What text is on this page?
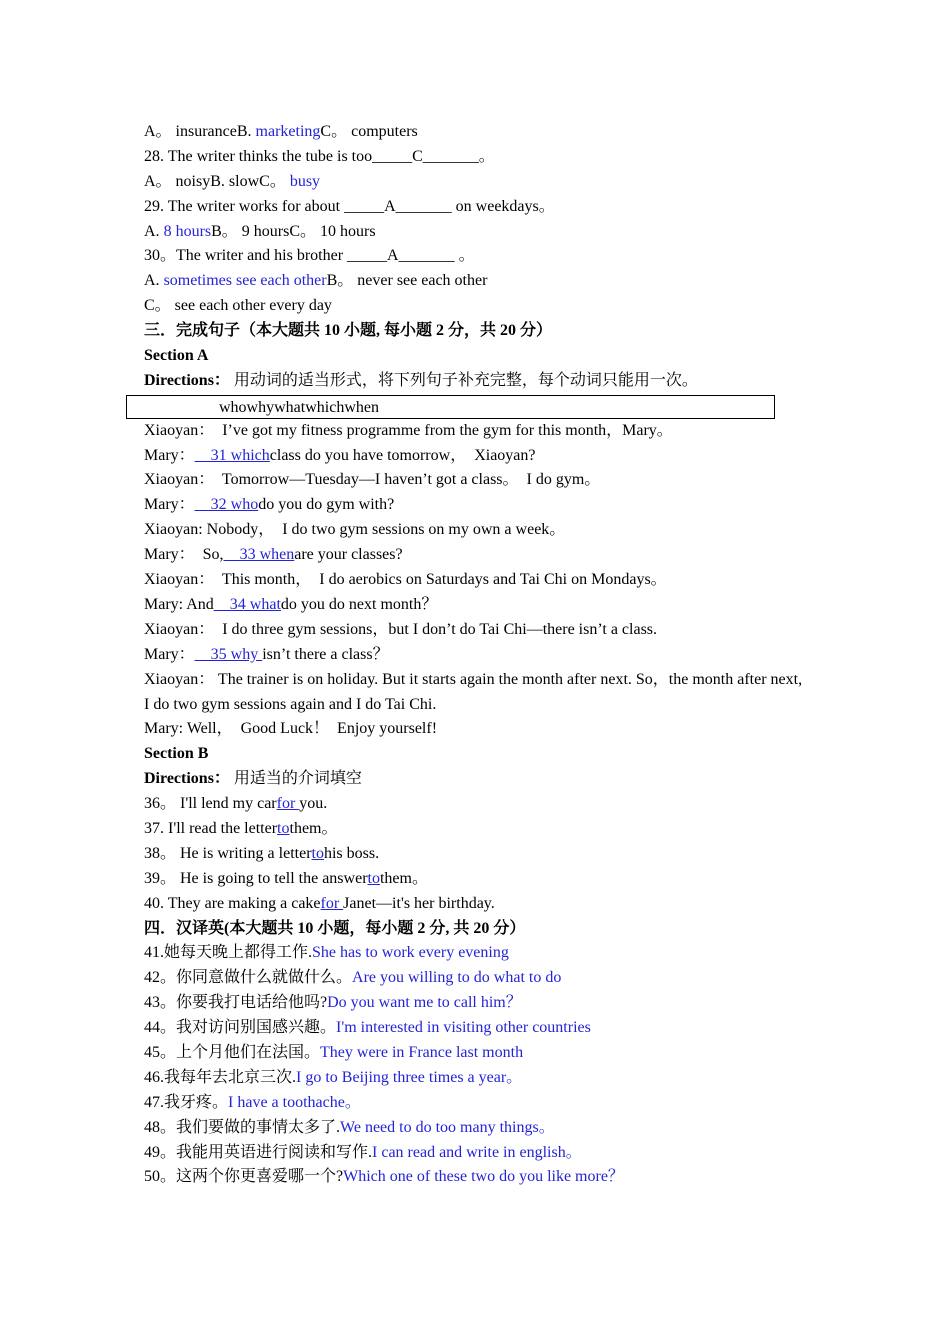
whowhywhatwhichwhen
A。 insuranceB. marketingC。 computers
28. The writer thinks the tube is too_____C_______。
A。 noisyB. slowC。 busy
29. The writer works for about _____A_______ on weekdays。
A. 8 hoursB。 9 hoursC。 10 hours
30。The writer and his brother _____A_______ 。
A. sometimes see each otherB。 never see each other
C。 see each other every day
三．完成句子（本大题共 10 小题, 每小题 2 分，共 20 分）
Section A
Directions： 用动词的适当形式，将下列句子补充完整，每个动词只能用一次。
Xiaoyan：  I’ve got my fitness programme from the gym for this month，Mary。
Mary：__31 whichclass do you have tomorrow，  Xiaoyan?
Xiaoyan：  Tomorrow—Tuesday—I haven’t got a class。  I do gym。
Mary：__32 whodo you do gym with?
Xiaoyan: Nobody，  I do two gym sessions on my own a week。
Mary：  So,__33 whenare your classes?
Xiaoyan：  This month，  I do aerobics on Saturdays and Tai Chi on Mondays。
Mary: And__34 whatdo you do next month？
Xiaoyan：  I do three gym sessions，but I don’t do Tai Chi—there isn’t a class.
Mary：__35 why isn’t there a class？
Xiaoyan： The trainer is on holiday. But it starts again the month after next. So，the month after next, I do two gym sessions again and I do Tai Chi.
Mary: Well，  Good Luck！  Enjoy yourself!
Section B
Directions： 用适当的介词填空
36。 I'll lend my carfor you.
37. I'll read the lettertothem。
38。 He is writing a lettertohis boss.
39。 He is going to tell the answertothem。
40. They are making a cakefor Janet—it's her birthday.
四．汉译英(本大题共 10 小题，每小题 2 分, 共 20 分）
41.她每天晚上都得工作.She has to work every evening
42。你同意做什么就做什么。Are you willing to do what to do
43。你要我打电话给他吗?Do you want me to call him？
44。我对访问别国感兴趣。I'm interested in visiting other countries
45。上个月他们在法国。They were in France last month
46.我每年去北京三次.I go to Beijing three times a year。
47.我牙疼。I have a toothache。
48。我们要做的事情太多了.We need to do too many things。
49。我能用英语进行阅读和写作.I can read and write in english。
50。这两个你更喜爱哪一个?Which one of these two do you like more？
